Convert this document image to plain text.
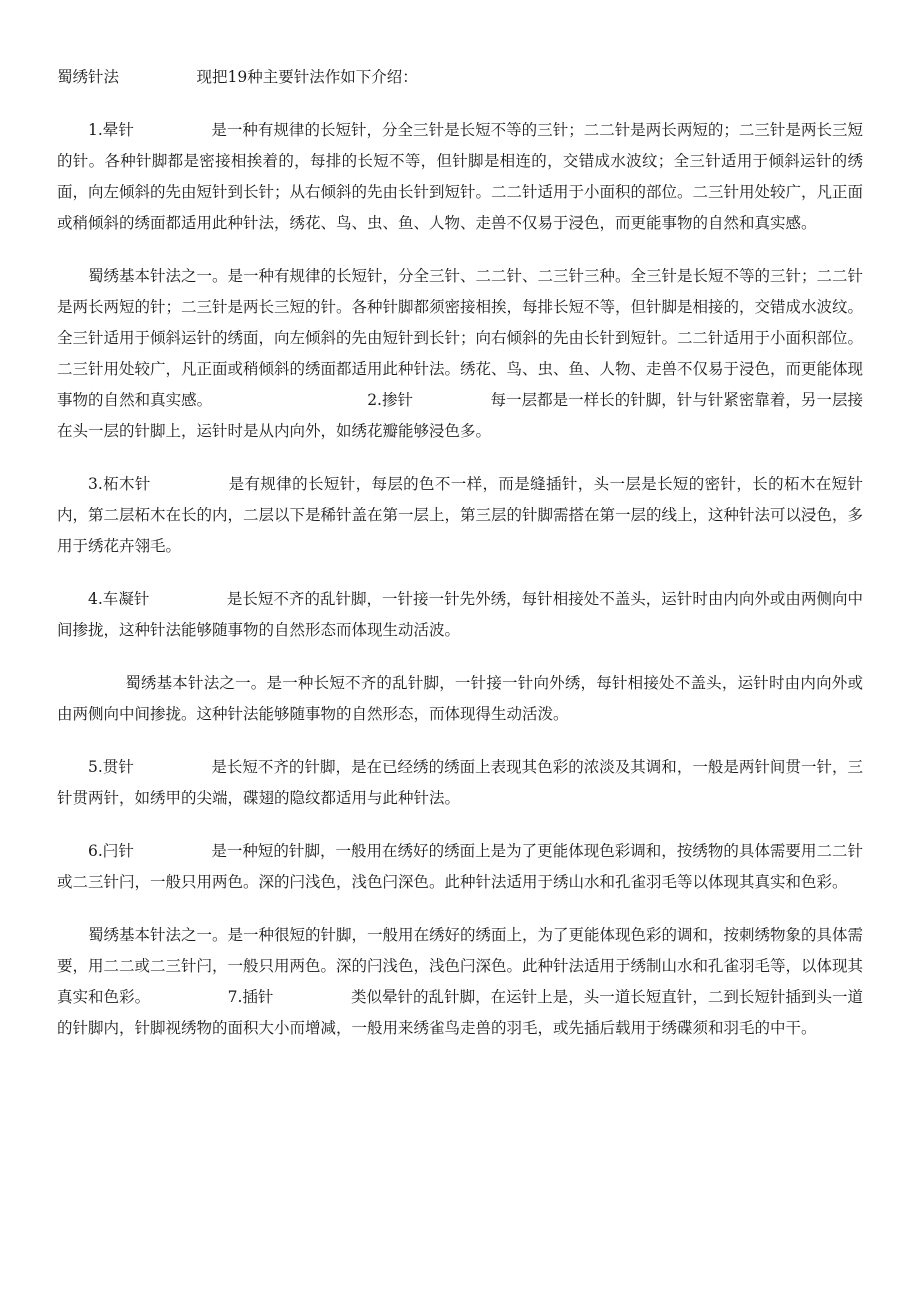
蜀绣针法	现把19种主要针法作如下介绍：

1.晕针	是一种有规律的长短针，分全三针是长短不等的三针；二二针是两长两短的；二三针是两长三短的针。各种针脚都是密接相挨着的，每排的长短不等，但针脚是相连的，交错成水波纹；全三针适用于倾斜运针的绣面，向左倾斜的先由短针到长针；从右倾斜的先由长针到短针。二二针适用于小面积的部位。二三针用处较广，凡正面或稍倾斜的绣面都适用此种针法，绣花、鸟、虫、鱼、人物、走兽不仅易于浸色，而更能事物的自然和真实感。

蜀绣基本针法之一。是一种有规律的长短针，分全三针、二二针、二三针三种。全三针是长短不等的三针；二二针是两长两短的针；二三针是两长三短的针。各种针脚都须密接相挨，每排长短不等，但针脚是相接的，交错成水波纹。全三针适用于倾斜运针的绣面，向左倾斜的先由短针到长针；向右倾斜的先由长针到短针。二二针适用于小面积部位。二三针用处较广，凡正面或稍倾斜的绣面都适用此种针法。绣花、鸟、虫、鱼、人物、走兽不仅易于浸色，而更能体现事物的自然和真实感。	2.掺针	每一层都是一样长的针脚，针与针紧密靠着，另一层接在头一层的针脚上，运针时是从内向外，如绣花瓣能够浸色多。

3.柘木针	是有规律的长短针，每层的色不一样，而是缝插针，头一层是长短的密针，长的柘木在短针内，第二层柘木在长的内，二层以下是稀针盖在第一层上，第三层的针脚需搭在第一层的线上，这种针法可以浸色，多用于绣花卉翎毛。

4.车凝针	是长短不齐的乱针脚，一针接一针先外绣，每针相接处不盖头，运针时由内向外或由两侧向中间掺拢，这种针法能够随事物的自然形态而体现生动活波。

蜀绣基本针法之一。是一种长短不齐的乱针脚，一针接一针向外绣，每针相接处不盖头，运针时由内向外或由两侧向中间掺拢。这种针法能够随事物的自然形态，而体现得生动活泼。

5.贯针	是长短不齐的针脚，是在已经绣的绣面上表现其色彩的浓淡及其调和，一般是两针间贯一针，三针贯两针，如绣甲的尖端，碟翅的隐纹都适用与此种针法。

6.闩针	是一种短的针脚，一般用在绣好的绣面上是为了更能体现色彩调和，按绣物的具体需要用二二针或二三针闩，一般只用两色。深的闩浅色，浅色闩深色。此种针法适用于绣山水和孔雀羽毛等以体现其真实和色彩。

蜀绣基本针法之一。是一种很短的针脚，一般用在绣好的绣面上，为了更能体现色彩的调和，按刺绣物象的具体需要，用二二或二三针闩，一般只用两色。深的闩浅色，浅色闩深色。此种针法适用于绣制山水和孔雀羽毛等，以体现其真实和色彩。	7.插针	类似晕针的乱针脚，在运针上是，头一道长短直针，二到长短针插到头一道的针脚内，针脚视绣物的面积大小而增减，一般用来绣雀鸟走兽的羽毛，或先插后载用于绣碟须和羽毛的中干。
